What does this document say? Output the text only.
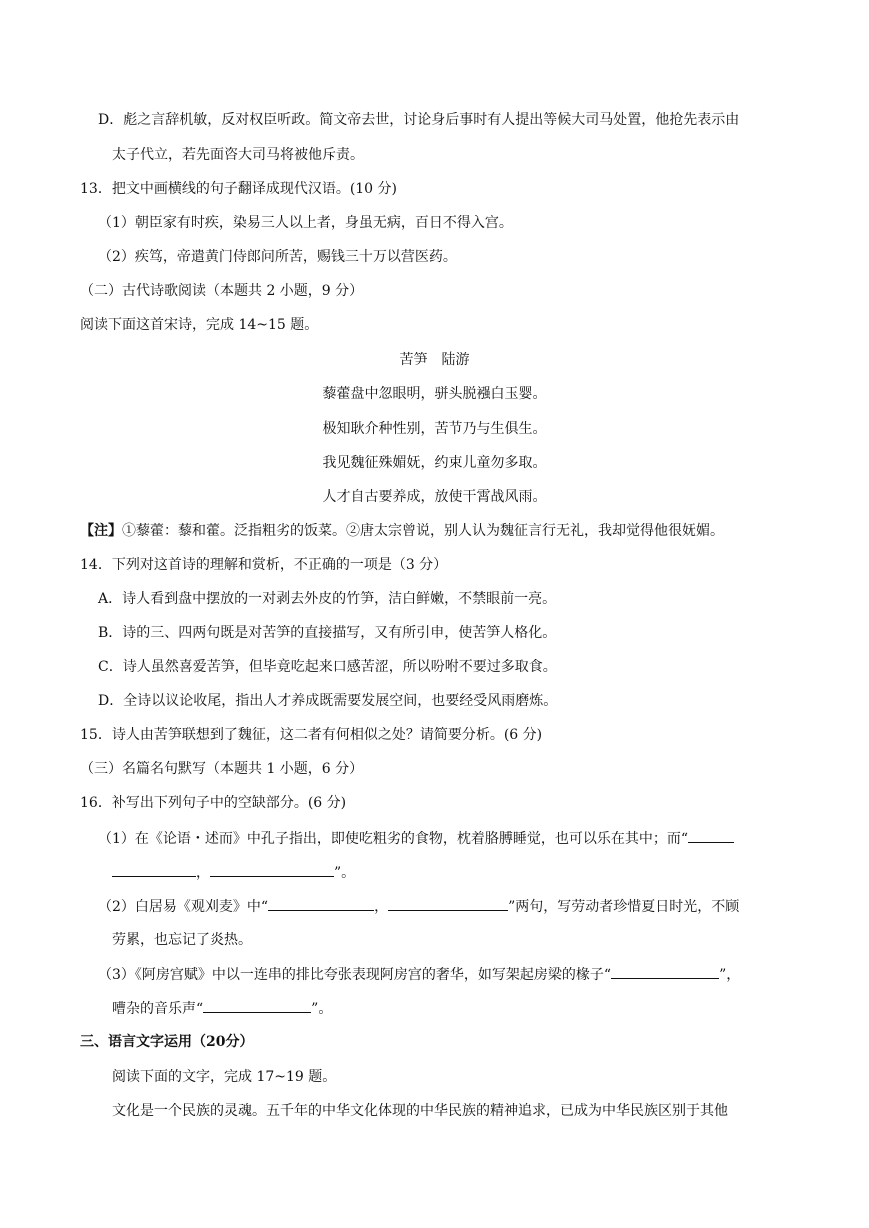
D．彪之言辞机敏，反对权臣听政。简文帝去世，讨论身后事时有人提出等候大司马处置，他抢先表示由
太子代立，若先面咨大司马将被他斥责。
13．把文中画横线的句子翻译成现代汉语。(10 分)
（1）朝臣家有时疾，染易三人以上者，身虽无病，百日不得入宫。
（2）疾笃，帝遣黄门侍郎问所苦，赐钱三十万以营医药。
（二）古代诗歌阅读（本题共 2 小题，9 分）
阅读下面这首宋诗，完成 14~15 题。
苦笋　陆游
藜藿盘中忽眼明，骈头脱襁白玉婴。
极知耿介种性别，苦节乃与生俱生。
我见魏征殊媚妩，约束儿童勿多取。
人才自古要养成，放使干霄战风雨。
【注】①藜藿：藜和藿。泛指粗劣的饭菜。②唐太宗曾说，别人认为魏征言行无礼，我却觉得他很妩媚。
14．下列对这首诗的理解和赏析，不正确的一项是（3 分）
A．诗人看到盘中摆放的一对剥去外皮的竹笋，洁白鲜嫩，不禁眼前一亮。
B．诗的三、四两句既是对苦笋的直接描写，又有所引申，使苦笋人格化。
C．诗人虽然喜爱苦笋，但毕竟吃起来口感苦涩，所以吩咐不要过多取食。
D．全诗以议论收尾，指出人才养成既需要发展空间，也要经受风雨磨炼。
15．诗人由苦笋联想到了魏征，这二者有何相似之处？请简要分析。(6 分)
（三）名篇名句默写（本题共 1 小题，6 分）
16．补写出下列句子中的空缺部分。(6 分)
（1）在《论语・述而》中孔子指出，即使吃粗劣的食物，枕着胳膊睡觉，也可以乐在其中；而“
，	”。
（2）白居易《观刈麦》中“	，	”两句，写劳动者珍惜夏日时光，不顾
劳累，也忘记了炎热。
（3）《阿房宫赋》中以一连串的排比夸张表现阿房宫的奢华，如写架起房梁的椽子“	”，
嘈杂的音乐声“	”。
三、语言文字运用（20分）
阅读下面的文字，完成 17~19 题。
文化是一个民族的灵魂。五千年的中华文化体现的中华民族的精神追求，已成为中华民族区别于其他
